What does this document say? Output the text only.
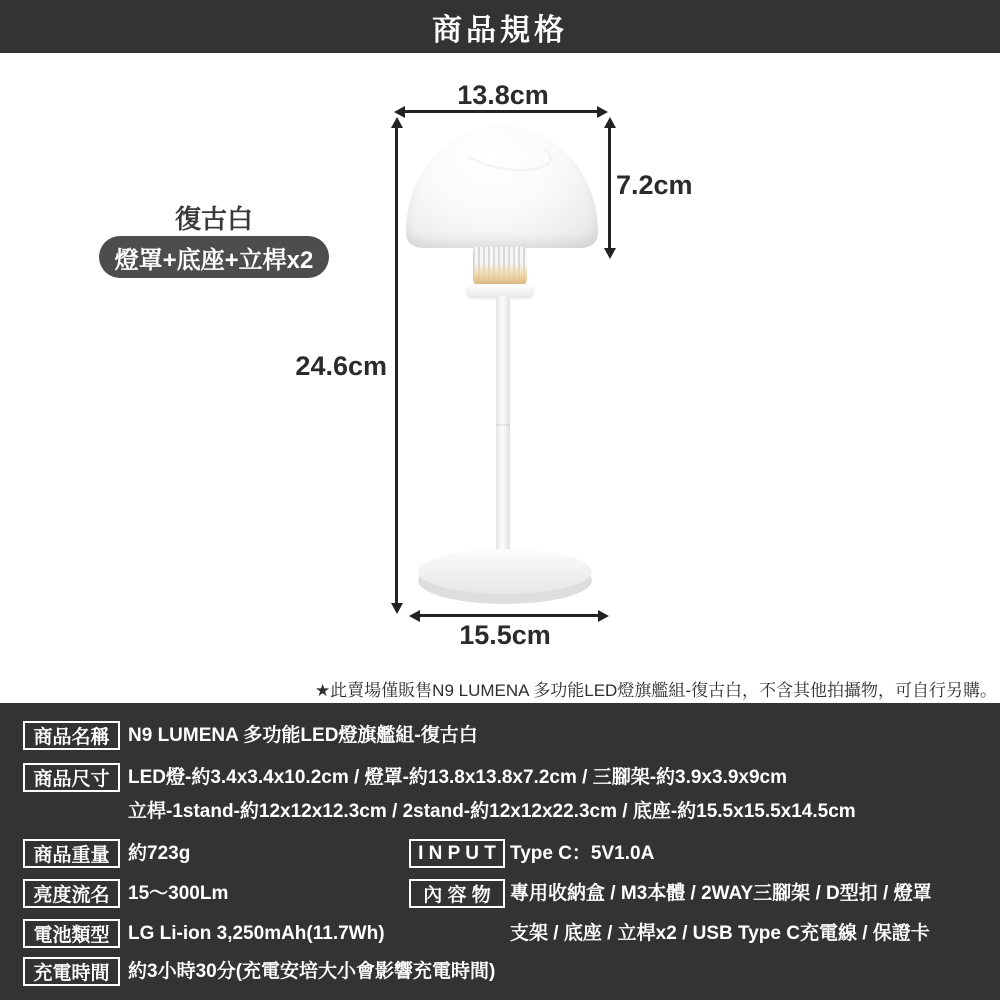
商品規格
13.8cm
7.2cm
24.6cm
15.5cm
復古白
燈罩+底座+立桿x2
★此賣場僅販售N9 LUMENA 多功能LED燈旗艦組-復古白，不含其他拍攝物，可自行另購。
商品名稱 N9 LUMENA 多功能LED燈旗艦組-復古白
商品尺寸 LED燈-約3.4x3.4x10.2cm / 燈罩-約13.8x13.8x7.2cm / 三腳架-約3.9x3.9x9cm
立桿-1stand-約12x12x12.3cm / 2stand-約12x12x22.3cm / 底座-約15.5x15.5x14.5cm
商品重量 約723g
亮度流名 15〜300Lm
電池類型 LG Li-ion 3,250mAh(11.7Wh)
充電時間 約3小時30分(充電安培大小會影響充電時間)
I N P U T Type C：5V1.0A
內 容 物	專用收納盒 / M3本體 / 2WAY三腳架 / D型扣 / 燈罩
支架 / 底座 / 立桿x2 / USB Type C充電線 / 保證卡
